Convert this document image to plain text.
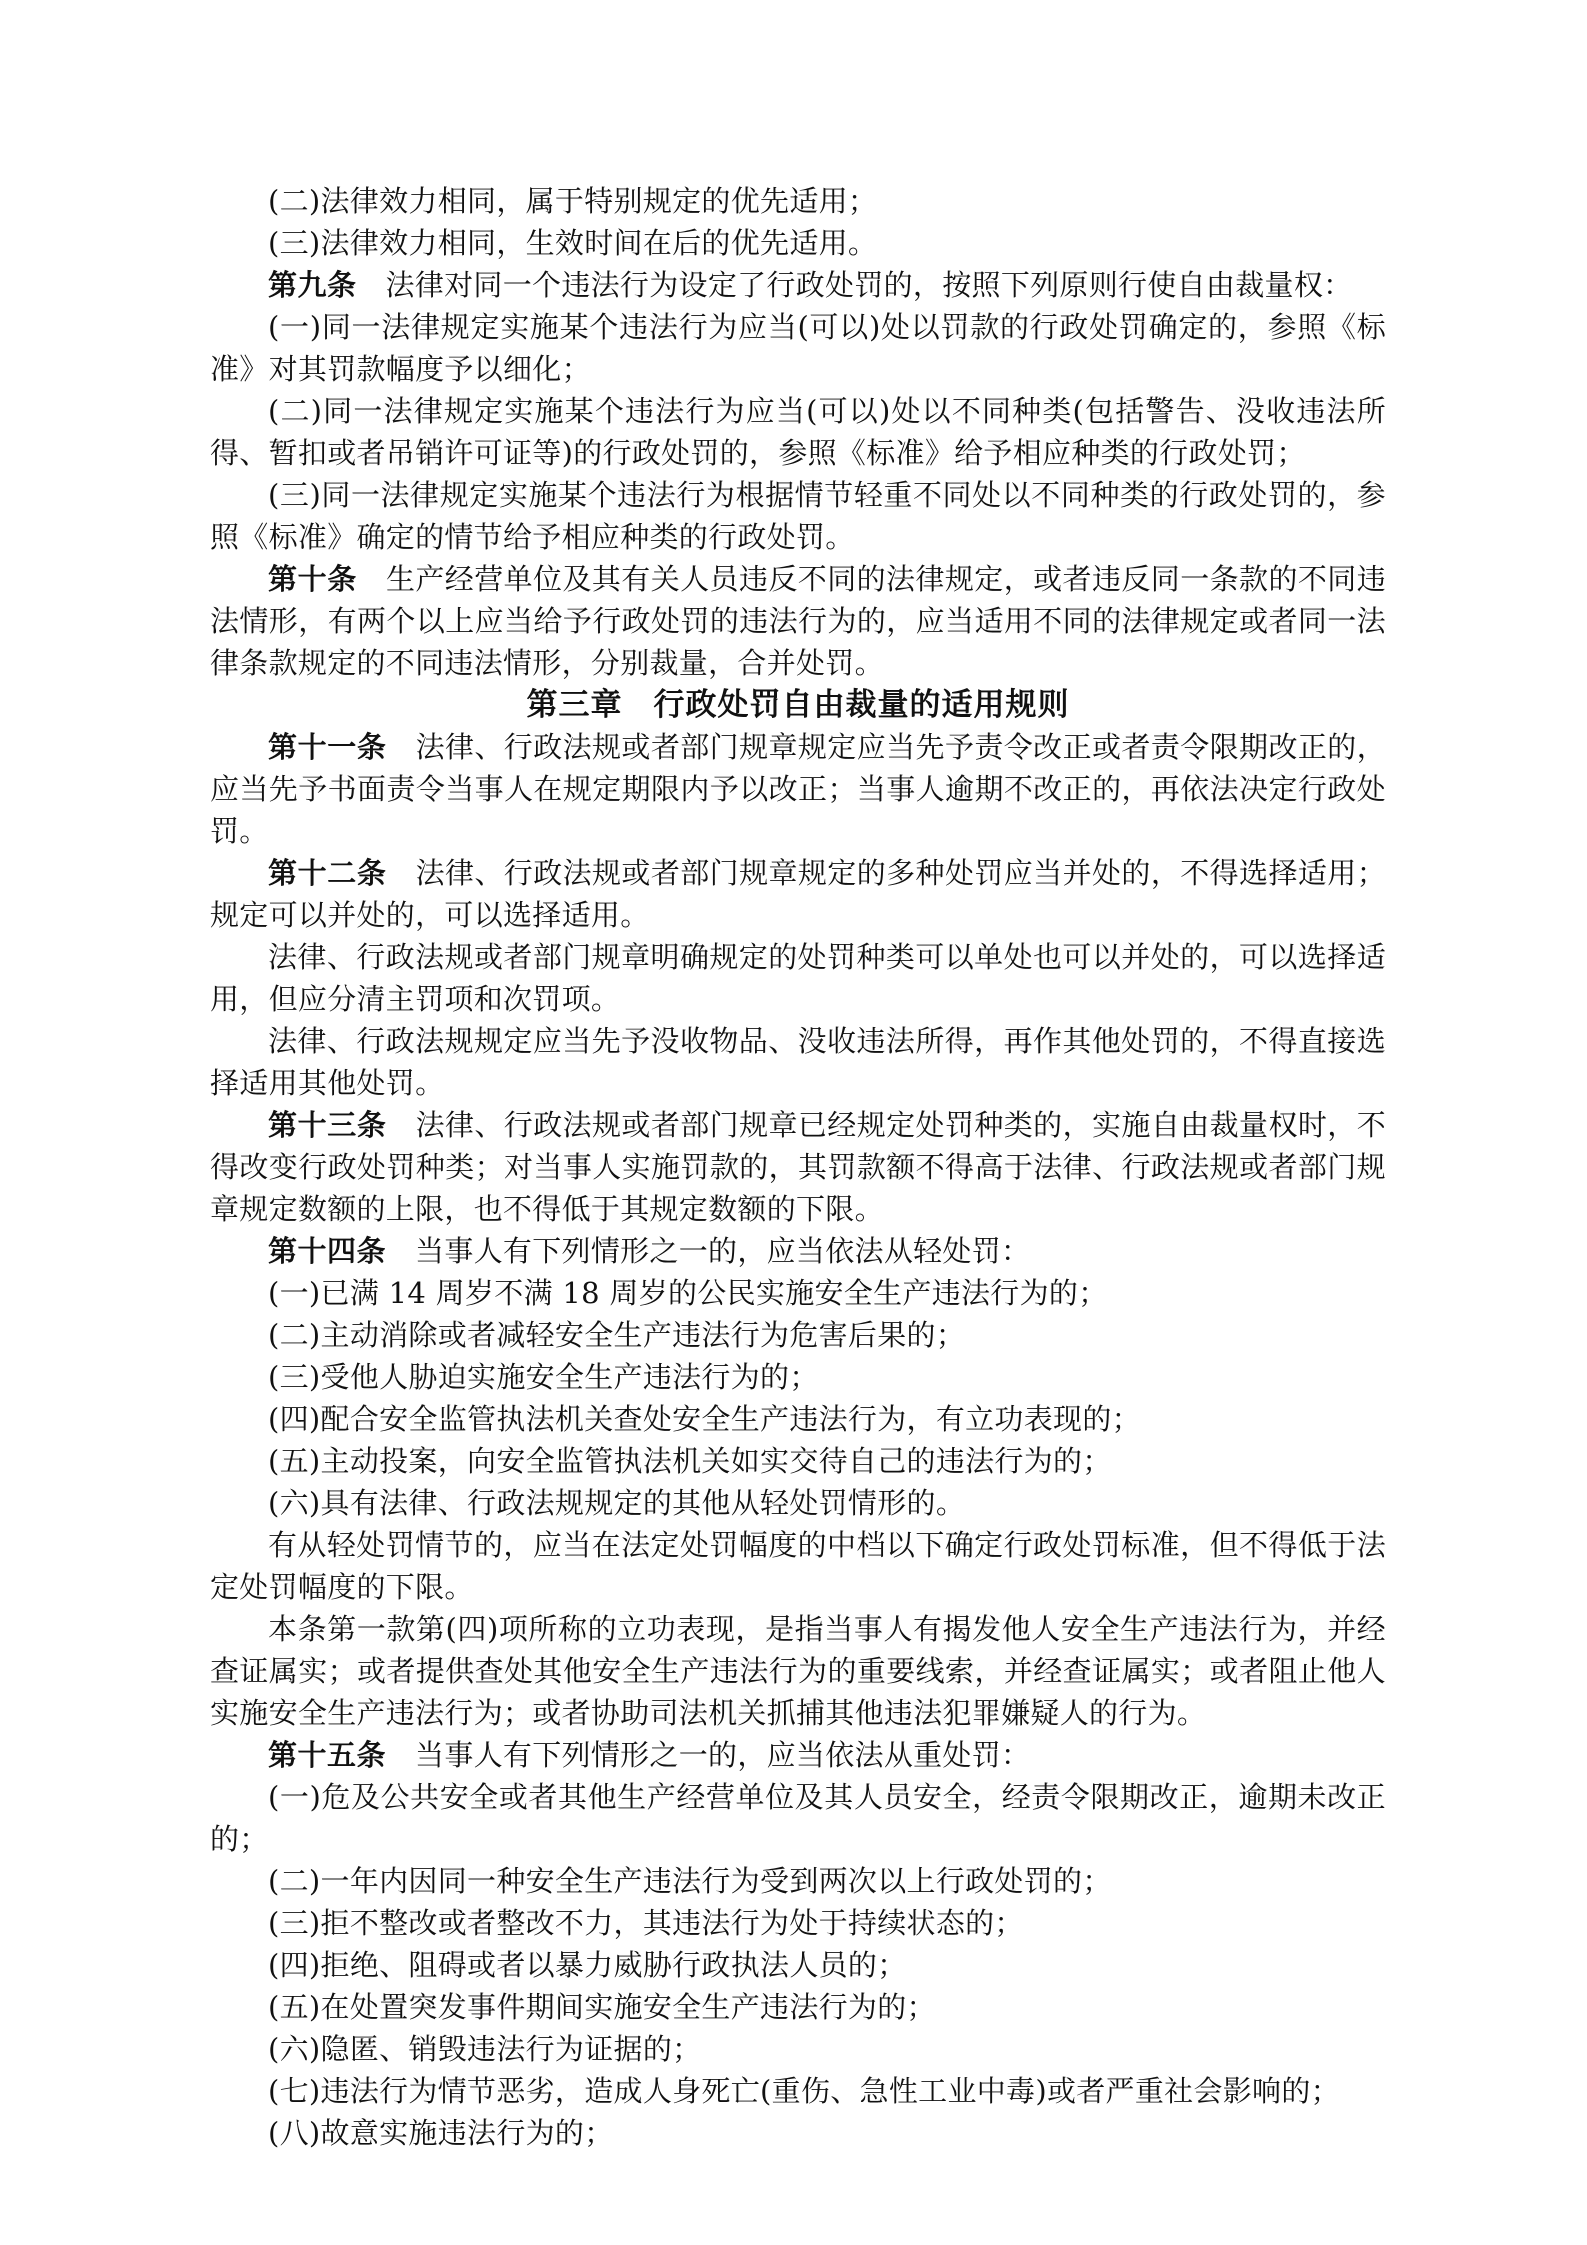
(二)法律效力相同，属于特别规定的优先适用；

(三)法律效力相同，生效时间在后的优先适用。

第九条 法律对同一个违法行为设定了行政处罚的，按照下列原则行使自由裁量权：

(一)同一法律规定实施某个违法行为应当(可以)处以罚款的行政处罚确定的，参照《标准》对其罚款幅度予以细化；

(二)同一法律规定实施某个违法行为应当(可以)处以不同种类(包括警告、没收违法所得、暂扣或者吊销许可证等)的行政处罚的，参照《标准》给予相应种类的行政处罚；

(三)同一法律规定实施某个违法行为根据情节轻重不同处以不同种类的行政处罚的，参照《标准》确定的情节给予相应种类的行政处罚。

第十条 生产经营单位及其有关人员违反不同的法律规定，或者违反同一条款的不同违法情形，有两个以上应当给予行政处罚的违法行为的，应当适用不同的法律规定或者同一法律条款规定的不同违法情形，分别裁量，合并处罚。

第三章 行政处罚自由裁量的适用规则

第十一条 法律、行政法规或者部门规章规定应当先予责令改正或者责令限期改正的，应当先予书面责令当事人在规定期限内予以改正；当事人逾期不改正的，再依法决定行政处罚。

第十二条 法律、行政法规或者部门规章规定的多种处罚应当并处的，不得选择适用；规定可以并处的，可以选择适用。

法律、行政法规或者部门规章明确规定的处罚种类可以单处也可以并处的，可以选择适用，但应分清主罚项和次罚项。

法律、行政法规规定应当先予没收物品、没收违法所得，再作其他处罚的，不得直接选择适用其他处罚。

第十三条 法律、行政法规或者部门规章已经规定处罚种类的，实施自由裁量权时，不得改变行政处罚种类；对当事人实施罚款的，其罚款额不得高于法律、行政法规或者部门规章规定数额的上限，也不得低于其规定数额的下限。

第十四条 当事人有下列情形之一的，应当依法从轻处罚：

(一)已满 14 周岁不满 18 周岁的公民实施安全生产违法行为的；

(二)主动消除或者减轻安全生产违法行为危害后果的；

(三)受他人胁迫实施安全生产违法行为的；

(四)配合安全监管执法机关查处安全生产违法行为，有立功表现的；

(五)主动投案，向安全监管执法机关如实交待自己的违法行为的；

(六)具有法律、行政法规规定的其他从轻处罚情形的。

有从轻处罚情节的，应当在法定处罚幅度的中档以下确定行政处罚标准，但不得低于法定处罚幅度的下限。

本条第一款第(四)项所称的立功表现，是指当事人有揭发他人安全生产违法行为，并经查证属实；或者提供查处其他安全生产违法行为的重要线索，并经查证属实；或者阻止他人实施安全生产违法行为；或者协助司法机关抓捕其他违法犯罪嫌疑人的行为。

第十五条 当事人有下列情形之一的，应当依法从重处罚：

(一)危及公共安全或者其他生产经营单位及其人员安全，经责令限期改正，逾期未改正的；

(二)一年内因同一种安全生产违法行为受到两次以上行政处罚的；

(三)拒不整改或者整改不力，其违法行为处于持续状态的；

(四)拒绝、阻碍或者以暴力威胁行政执法人员的；

(五)在处置突发事件期间实施安全生产违法行为的；

(六)隐匿、销毁违法行为证据的；

(七)违法行为情节恶劣，造成人身死亡(重伤、急性工业中毒)或者严重社会影响的；

(八)故意实施违法行为的；
